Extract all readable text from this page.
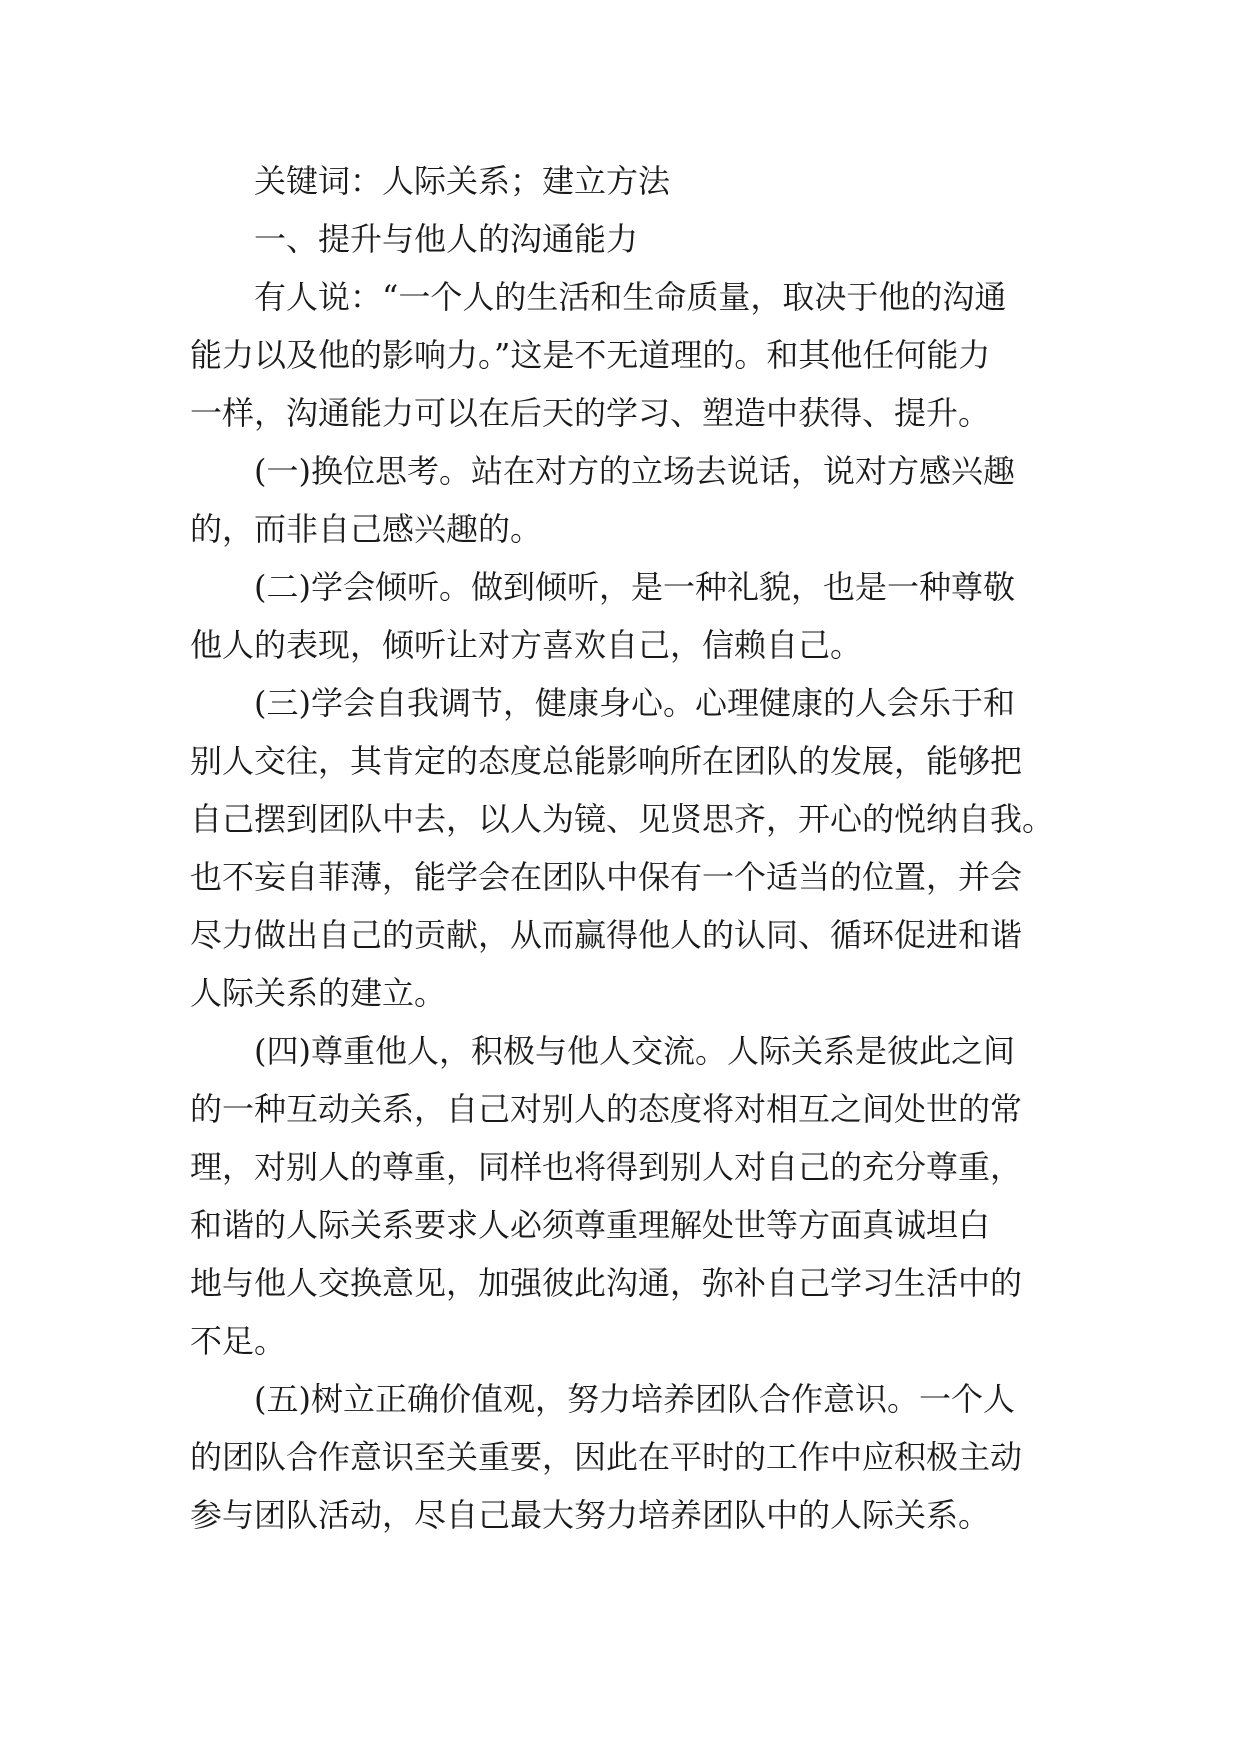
关键词：人际关系；建立方法

一、提升与他人的沟通能力

有人说：“一个人的生活和生命质量，取决于他的沟通

能力以及他的影响力。”这是不无道理的。和其他任何能力

一样，沟通能力可以在后天的学习、塑造中获得、提升。

(一)换位思考。站在对方的立场去说话，说对方感兴趣

的，而非自己感兴趣的。

(二)学会倾听。做到倾听，是一种礼貌，也是一种尊敬

他人的表现，倾听让对方喜欢自己，信赖自己。

(三)学会自我调节，健康身心。心理健康的人会乐于和

别人交往，其肯定的态度总能影响所在团队的发展，能够把

自己摆到团队中去，以人为镜、见贤思齐，开心的悦纳自我。

也不妄自菲薄，能学会在团队中保有一个适当的位置，并会

尽力做出自己的贡献，从而赢得他人的认同、循环促进和谐

人际关系的建立。

(四)尊重他人，积极与他人交流。人际关系是彼此之间

的一种互动关系，自己对别人的态度将对相互之间处世的常

理，对别人的尊重，同样也将得到别人对自己的充分尊重，

和谐的人际关系要求人必须尊重理解处世等方面真诚坦白

地与他人交换意见，加强彼此沟通，弥补自己学习生活中的

不足。

(五)树立正确价值观，努力培养团队合作意识。一个人

的团队合作意识至关重要，因此在平时的工作中应积极主动

参与团队活动，尽自己最大努力培养团队中的人际关系。
